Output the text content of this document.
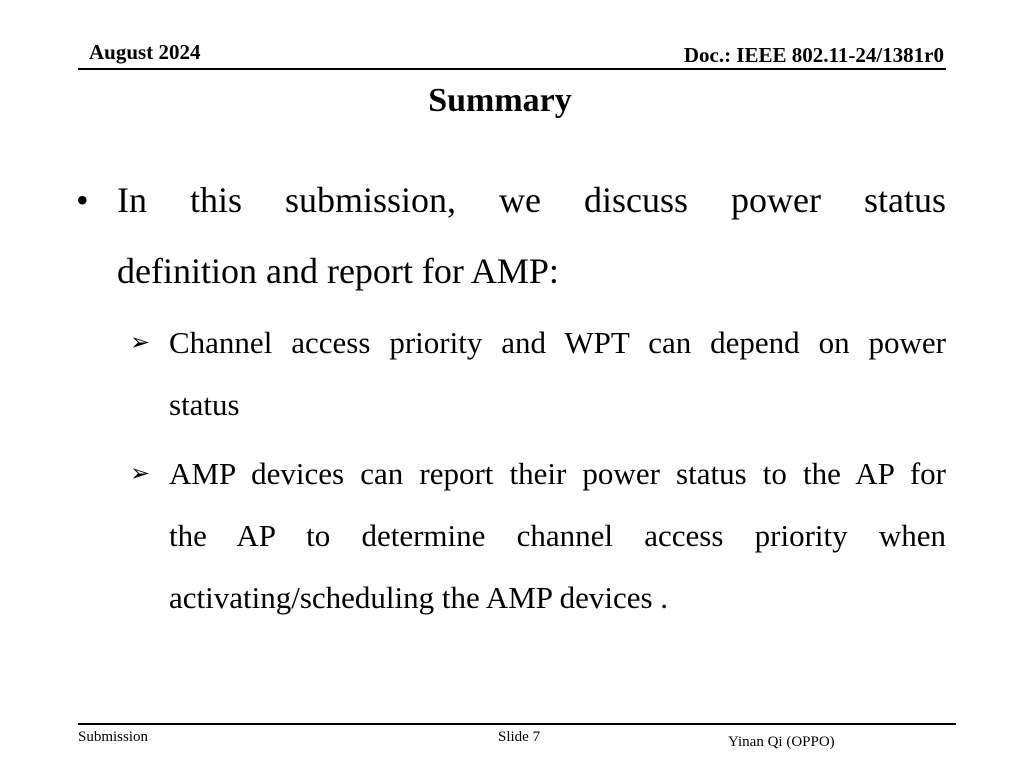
August 2024	Doc.: IEEE 802.11-24/1381r0
Summary
• In this submission, we discuss power status
definition and report for AMP:
➢ Channel access priority and WPT can depend on power
status
➢ AMP devices can report their power status to the AP for
the AP to determine channel access priority when
activating/scheduling the AMP devices .
Submission	Slide 7	Yinan Qi (OPPO)
